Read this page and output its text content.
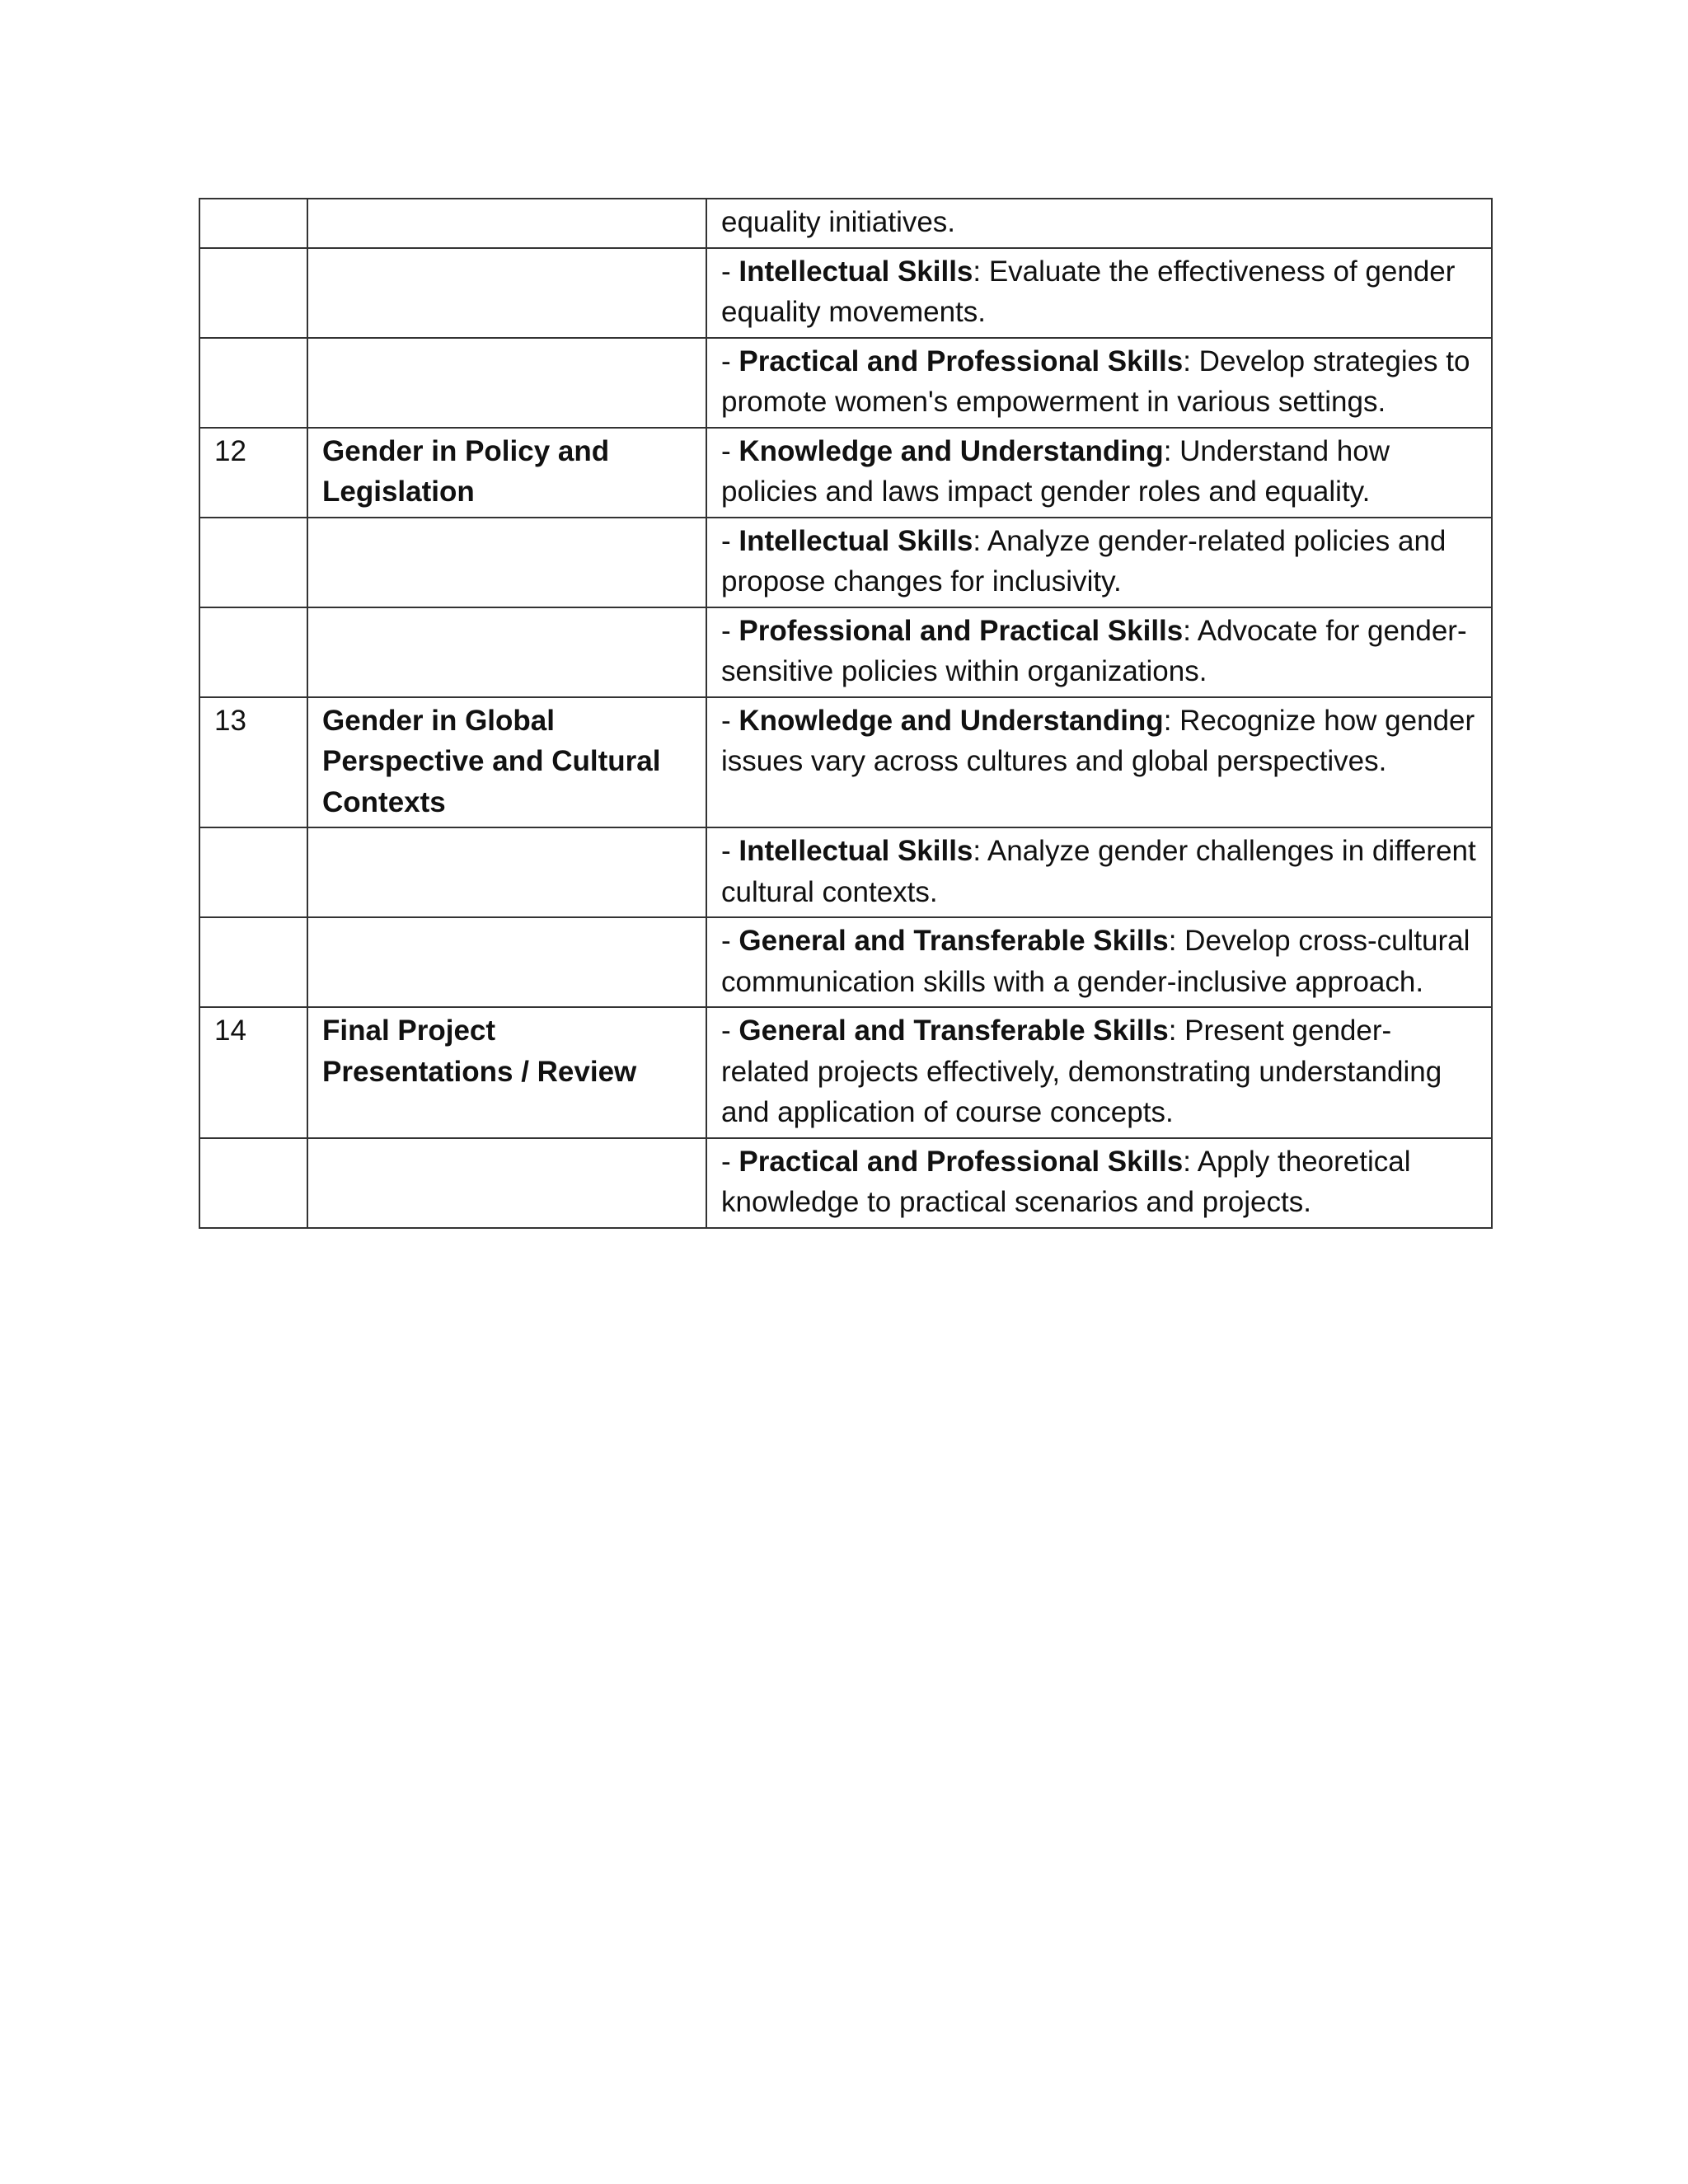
		equality initiatives.
		- Intellectual Skills: Evaluate the effectiveness of gender equality movements.
		- Practical and Professional Skills: Develop strategies to promote women's empowerment in various settings.
12	Gender in Policy and Legislation	- Knowledge and Understanding: Understand how policies and laws impact gender roles and equality.
		- Intellectual Skills: Analyze gender-related policies and propose changes for inclusivity.
		- Professional and Practical Skills: Advocate for gender-sensitive policies within organizations.
13	Gender in Global Perspective and Cultural Contexts	- Knowledge and Understanding: Recognize how gender issues vary across cultures and global perspectives.
		- Intellectual Skills: Analyze gender challenges in different cultural contexts.
		- General and Transferable Skills: Develop cross-cultural communication skills with a gender-inclusive approach.
14	Final Project Presentations / Review	- General and Transferable Skills: Present gender-related projects effectively, demonstrating understanding and application of course concepts.
		- Practical and Professional Skills: Apply theoretical knowledge to practical scenarios and projects.
